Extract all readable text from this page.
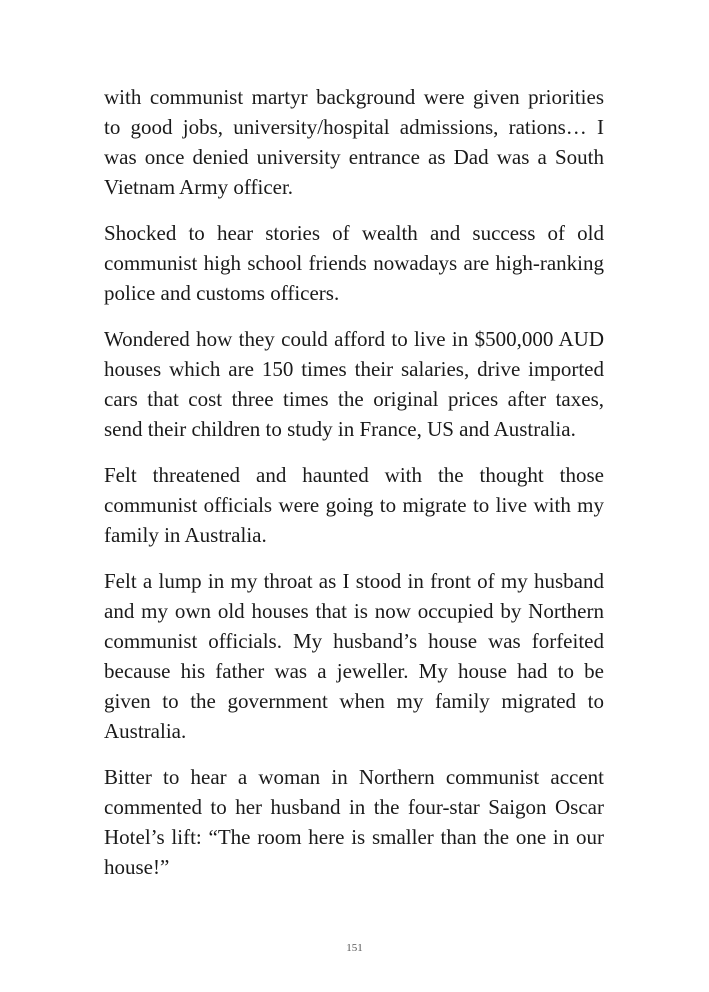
with communist martyr background were given priorities to good jobs, university/hospital admissions, rations… I was once denied university entrance as Dad was a South Vietnam Army officer.

Shocked to hear stories of wealth and success of old communist high school friends nowadays are high-ranking police and customs officers.

Wondered how they could afford to live in $500,000 AUD houses which are 150 times their salaries, drive imported cars that cost three times the original prices after taxes, send their children to study in France, US and Australia.

Felt threatened and haunted with the thought those communist officials were going to migrate to live with my family in Australia.

Felt a lump in my throat as I stood in front of my husband and my own old houses that is now occupied by Northern communist officials. My husband’s house was forfeited because his father was a jeweller. My house had to be given to the government when my family migrated to Australia.

Bitter to hear a woman in Northern communist accent commented to her husband in the four-star Saigon Oscar Hotel’s lift: “The room here is smaller than the one in our house!”

151
